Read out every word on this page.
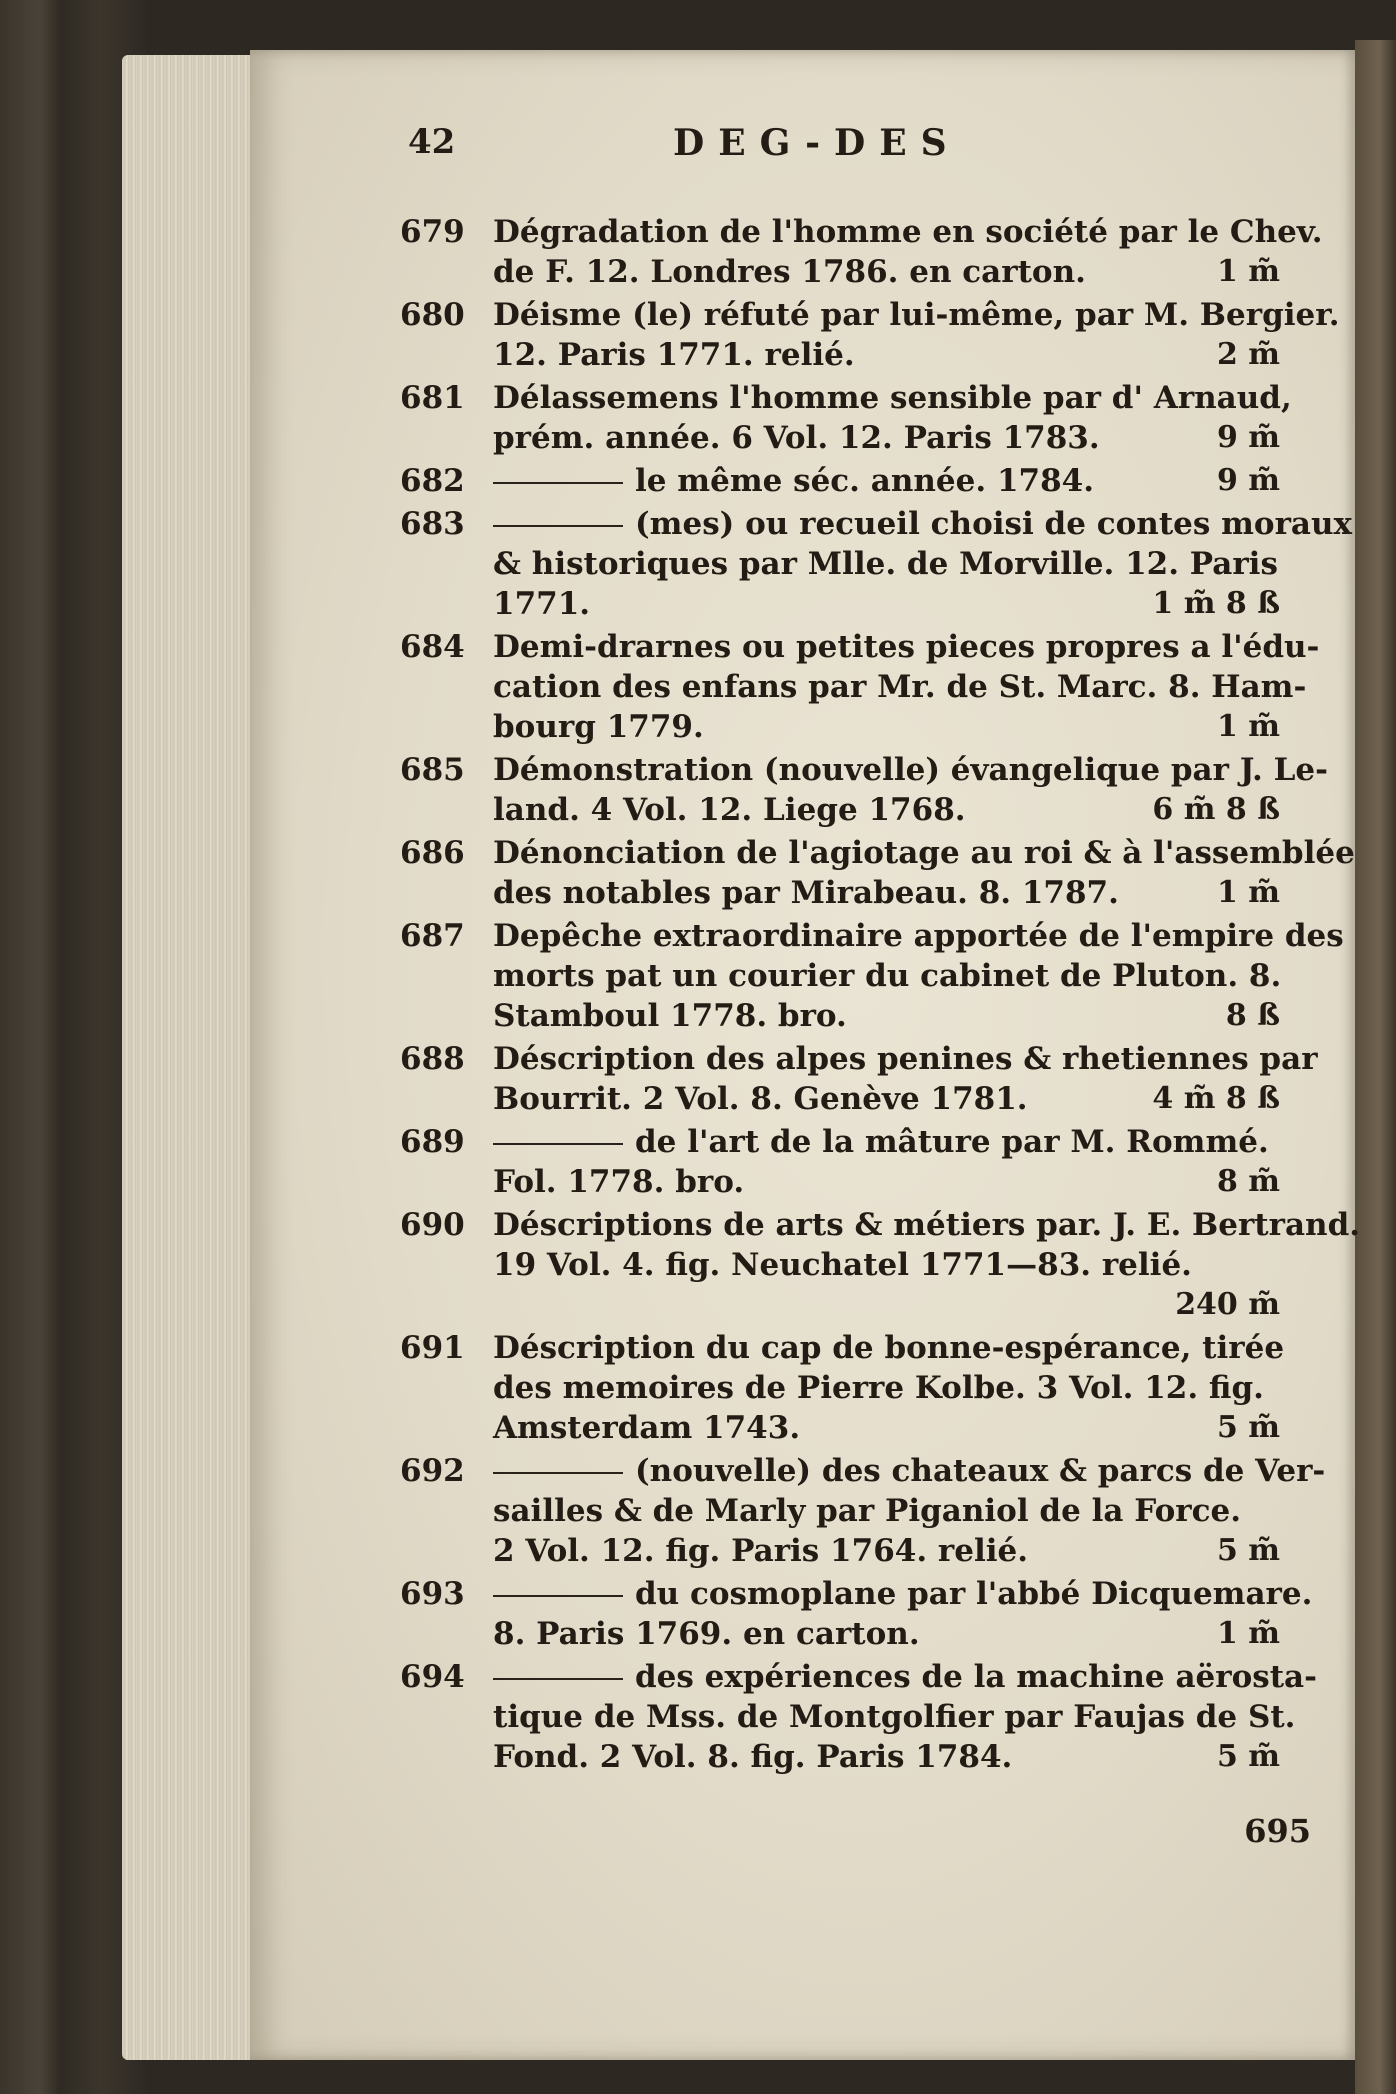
42	DEG-DES
679 Dégradation de l'homme en société par le Chev.
de F. 12. Londres 1786. en carton.	1 m̃
680 Déisme (le) réfuté par lui-même, par M. Bergier.
12. Paris 1771. relié.	2 m̃
681 Délassemens l'homme sensible par d' Arnaud,
prém. année. 6 Vol. 12. Paris 1783.	9 m̃
682	le même séc. année. 1784.	9 m̃
683	(mes) ou recueil choisi de contes moraux
& historiques par Mlle. de Morville. 12. Paris
1771.	1 m̃ 8 ß
684 Demi-drarnes ou petites pieces propres a l'édu-
cation des enfans par Mr. de St. Marc. 8. Ham-
bourg 1779.	1 m̃
685 Démonstration (nouvelle) évangelique par J. Le-
land. 4 Vol. 12. Liege 1768.	6 m̃ 8 ß
686 Dénonciation de l'agiotage au roi & à l'assemblée
des notables par Mirabeau. 8. 1787.	1 m̃
687 Depêche extraordinaire apportée de l'empire des
morts pat un courier du cabinet de Pluton. 8.
Stamboul 1778. bro.	8 ß
688 Déscription des alpes penines & rhetiennes par
Bourrit. 2 Vol. 8. Genève 1781.	4 m̃ 8 ß
689	de l'art de la mâture par M. Rommé.
Fol. 1778. bro.	8 m̃
690 Déscriptions de arts & métiers par. J. E. Bertrand.
19 Vol. 4. fig. Neuchatel 1771—83. relié.
240 m̃
691 Déscription du cap de bonne-espérance, tirée
des memoires de Pierre Kolbe. 3 Vol. 12. fig.
Amsterdam 1743.	5 m̃
692	(nouvelle) des chateaux & parcs de Ver-
sailles & de Marly par Piganiol de la Force.
2 Vol. 12. fig. Paris 1764. relié.	5 m̃
693	du cosmoplane par l'abbé Dicquemare.
8. Paris 1769. en carton.	1 m̃
694	des expériences de la machine aërosta-
tique de Mss. de Montgolfier par Faujas de St.
Fond. 2 Vol. 8. fig. Paris 1784.	5 m̃
695
